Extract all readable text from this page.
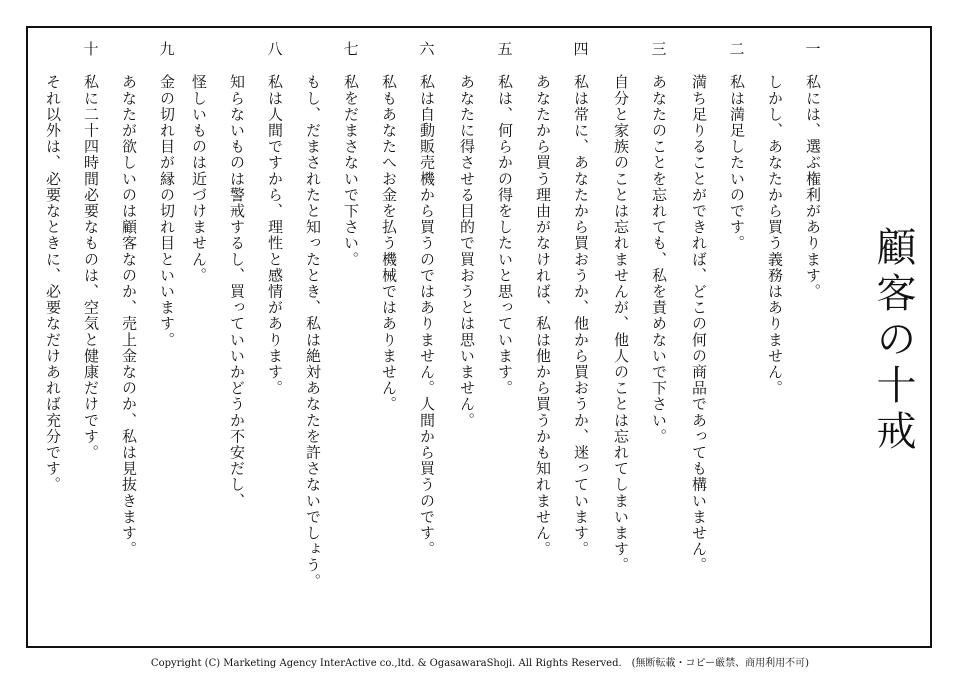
顧客の十戒
一
私には、選ぶ権利があります。
しかし、あなたから買う義務はありません。
二
私は満足したいのです。
満ち足りることができれば、どこの何の商品であっても構いません。
三
あなたのことを忘れても、私を責めないで下さい。
自分と家族のことは忘れませんが、他人のことは忘れてしまいます。
四
私は常に、あなたから買おうか、他から買おうか、迷っています。
あなたから買う理由がなければ、私は他から買うかも知れません。
五
私は、何らかの得をしたいと思っています。
あなたに得させる目的で買おうとは思いません。
六
私は自動販売機から買うのではありません。人間から買うのです。
私もあなたへお金を払う機械ではありません。
七
私をだまさないで下さい。
もし、だまされたと知ったとき、私は絶対あなたを許さないでしょう。
八
私は人間ですから、理性と感情があります。
知らないものは警戒するし、買っていいかどうか不安だし、
怪しいものは近づけません。
九
金の切れ目が縁の切れ目といいます。
あなたが欲しいのは顧客なのか、売上金なのか、私は見抜きます。
十
私に二十四時間必要なものは、空気と健康だけです。
それ以外は、必要なときに、必要なだけあれば充分です。
Copyright (C) Marketing Agency InterActive co.,ltd. & OgasawaraShoji. All Rights Reserved.　(無断転載・コピー厳禁、商用利用不可)
